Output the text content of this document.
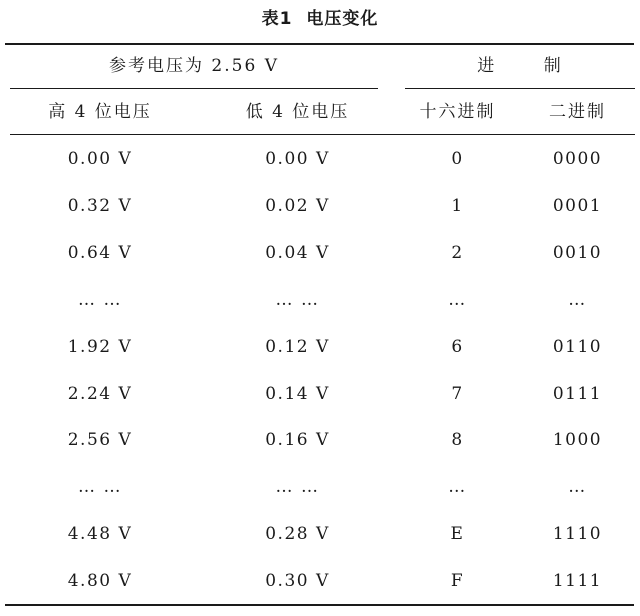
表1 电压变化
参考电压为 2.56 V	进 制
高 4 位电压	低 4 位电压	十六进制	二进制
0.00 V	0.00 V	0	0000
0.32 V	0.02 V	1	0001
0.64 V	0.04 V	2	0010
… …	… …	…	…
1.92 V	0.12 V	6	0110
2.24 V	0.14 V	7	0111
2.56 V	0.16 V	8	1000
… …	… …	…	…
4.48 V	0.28 V	E	1110
4.80 V	0.30 V	F	1111
